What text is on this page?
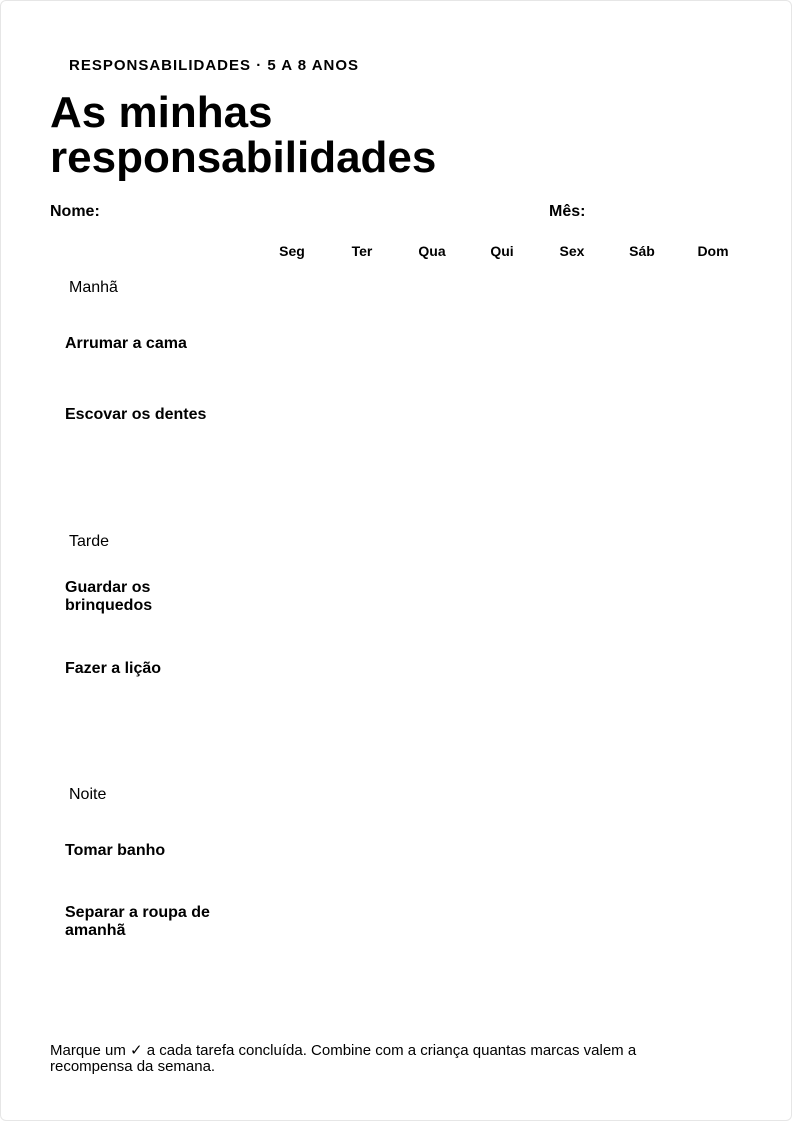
RESPONSABILIDADES · 5 A 8 ANOS
As minhas responsabilidades
Nome:	Mês:
Seg	Ter	Qua	Qui	Sex	Sáb	Dom
Manhã
Arrumar a cama
Escovar os dentes
Tarde
Guardar os brinquedos
Fazer a lição
Noite
Tomar banho
Separar a roupa de amanhã
Marque um ✓ a cada tarefa concluída. Combine com a criança quantas marcas valem a recompensa da semana.
